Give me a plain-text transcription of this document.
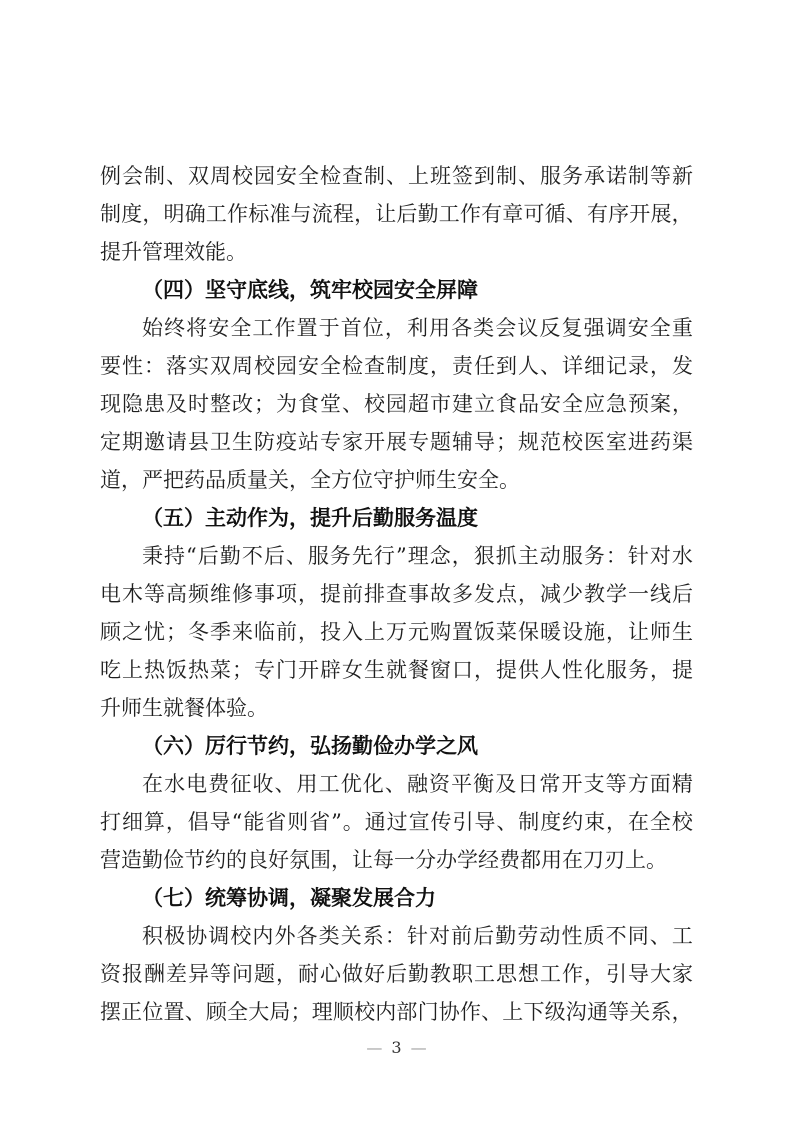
例 会 制 、 双 周 校 园 安 全 检 查 制 、 上 班 签 到 制 、 服 务 承 诺 制 等 新
制 度 ， 明 确 工 作 标 准 与 流 程 ， 让 后 勤 工 作 有 章 可 循 、 有 序 开 展 ，
提升管理效能。
（四）坚守底线，筑牢校园安全屏障
始 终 将 安 全 工 作 置 于 首 位 ， 利 用 各 类 会 议 反 复 强 调 安 全 重
要 性 ： 落 实 双 周 校 园 安 全 检 查 制 度 ， 责 任 到 人 、 详 细 记 录 ， 发
现 隐 患 及 时 整 改 ； 为 食 堂 、 校 园 超 市 建 立 食 品 安 全 应 急 预 案 ，
定 期 邀 请 县 卫 生 防 疫 站 专 家 开 展 专 题 辅 导 ； 规 范 校 医 室 进 药 渠
道，严把药品质量关，全方位守护师生安全。
（五）主动作为，提升后勤服务温度
秉 持 “ 后 勤 不 后 、 服 务 先 行 ” 理 念 ， 狠 抓 主 动 服 务 ： 针 对 水
电 木 等 高 频 维 修 事 项 ， 提 前 排 查 事 故 多 发 点 ， 减 少 教 学 一 线 后
顾 之 忧 ； 冬 季 来 临 前 ， 投 入 上 万 元 购 置 饭 菜 保 暖 设 施 ， 让 师 生
吃 上 热 饭 热 菜 ； 专 门 开 辟 女 生 就 餐 窗 口 ， 提 供 人 性 化 服 务 ， 提
升师生就餐体验。
（六）厉行节约，弘扬勤俭办学之风
在 水 电 费 征 收 、 用 工 优 化 、 融 资 平 衡 及 日 常 开 支 等 方 面 精
打 细 算 ， 倡 导 “ 能 省 则 省 ” 。 通 过 宣 传 引 导 、 制 度 约 束 ， 在 全 校
营造勤俭节约的良好氛围，让每一分办学经费都用在刀刃上。
（七）统筹协调，凝聚发展合力
积 极 协 调 校 内 外 各 类 关 系 ： 针 对 前 后 勤 劳 动 性 质 不 同 、 工
资 报 酬 差 异 等 问 题 ， 耐 心 做 好 后 勤 教 职 工 思 想 工 作 ， 引 导 大 家
摆 正 位 置 、 顾 全 大 局 ； 理 顺 校 内 部 门 协 作 、 上 下 级 沟 通 等 关 系 ，
— 3 —
